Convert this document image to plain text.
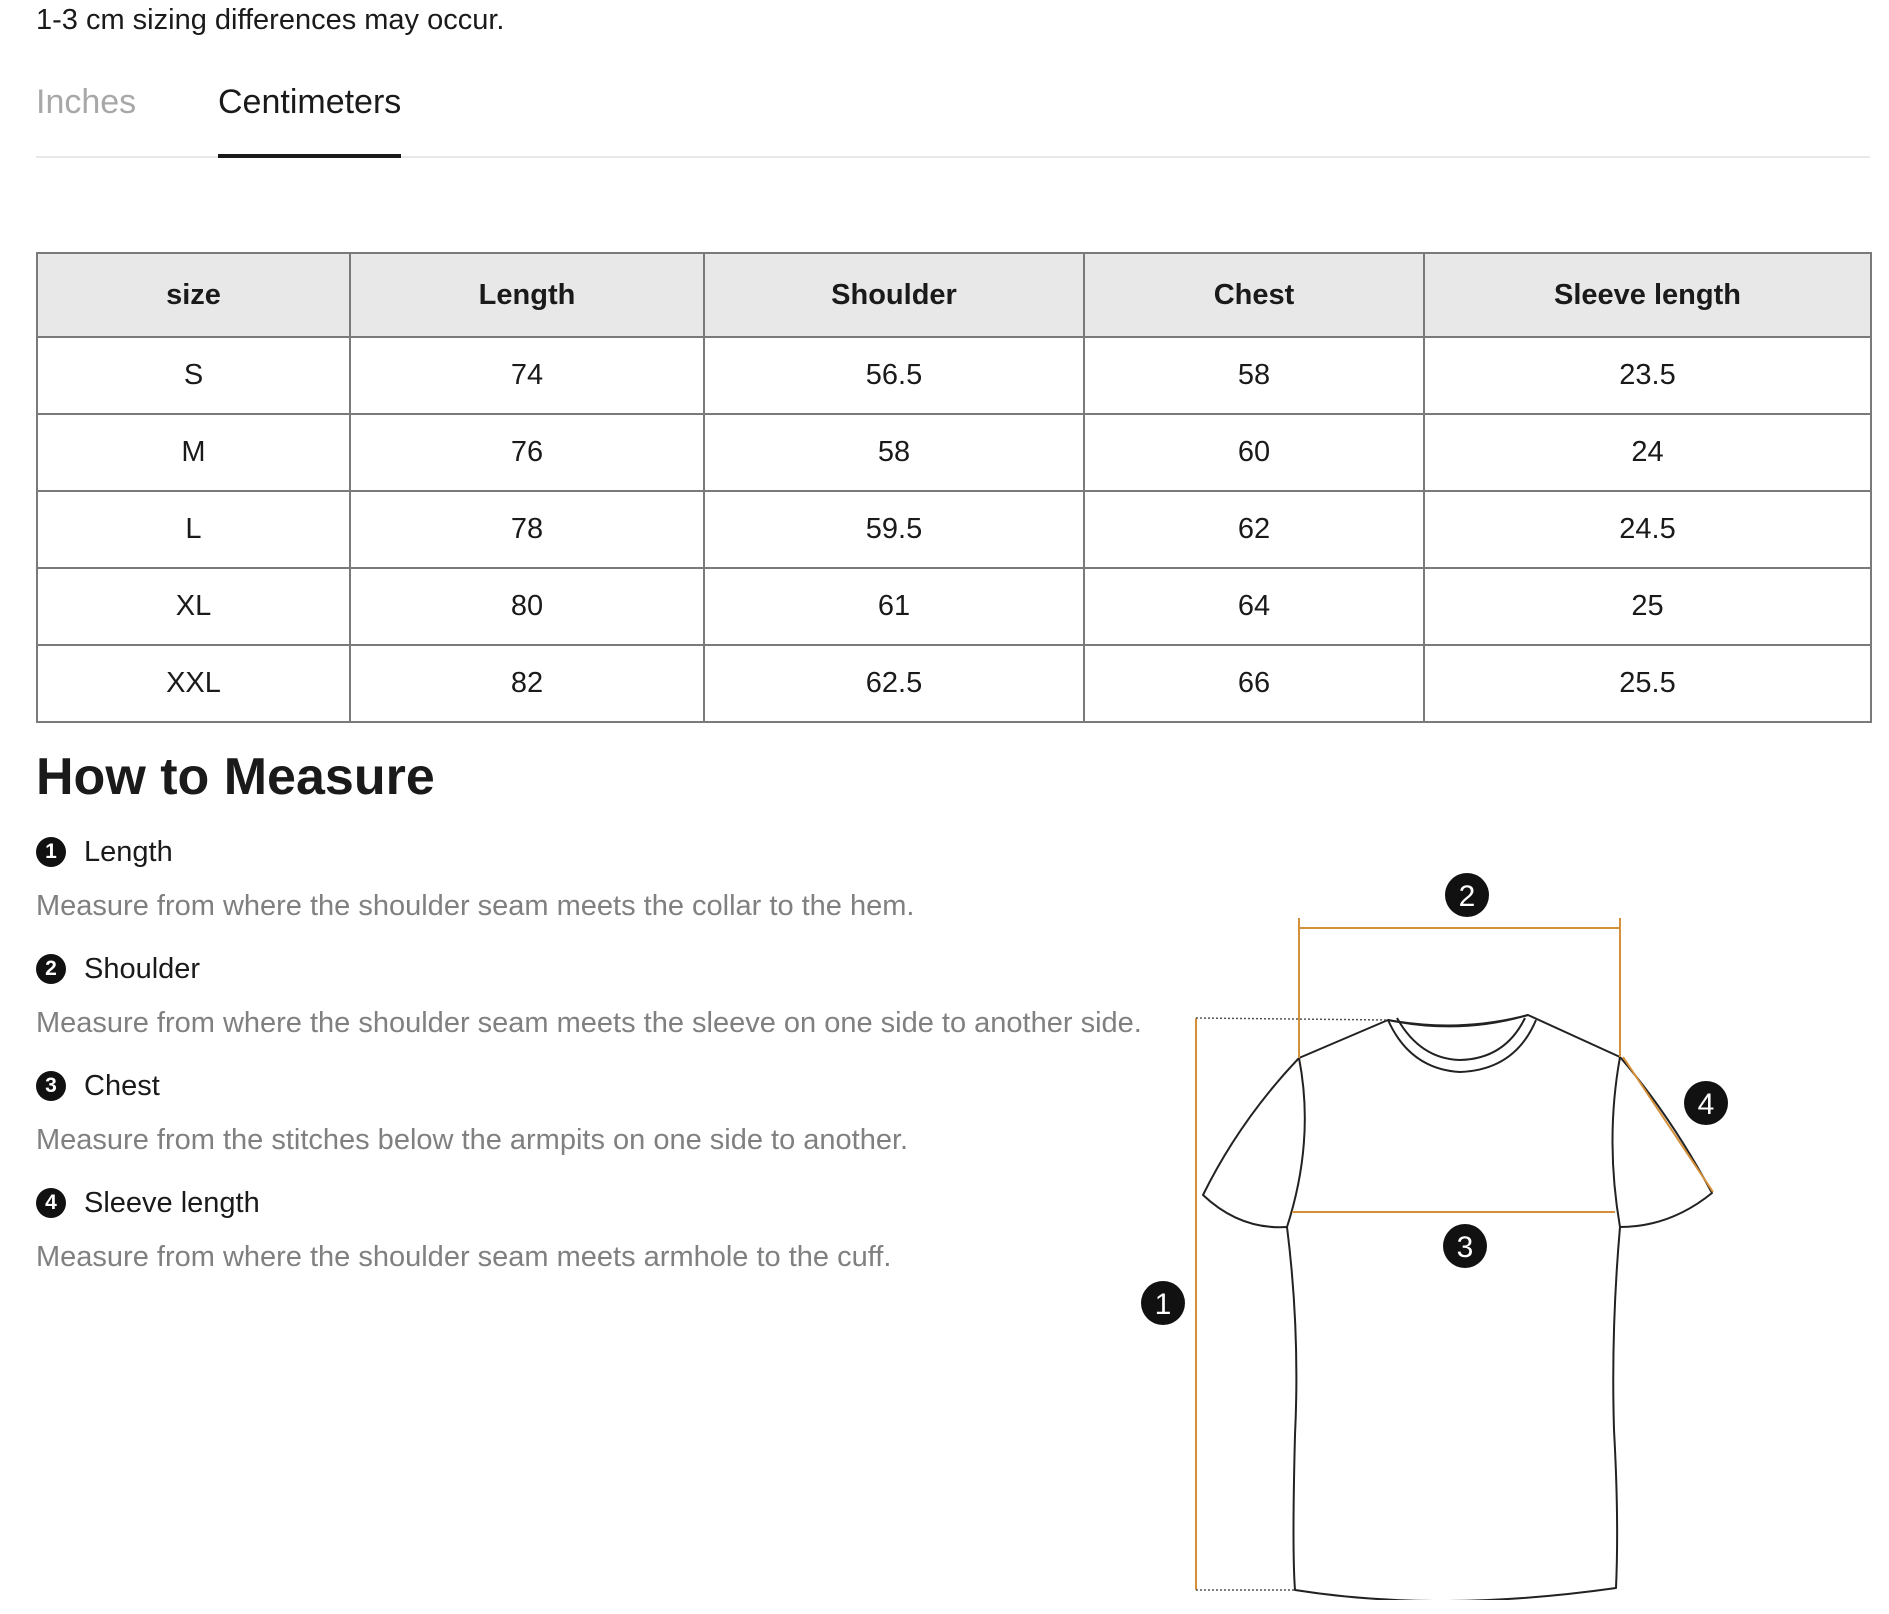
1-3 cm sizing differences may occur.
Inches Centimeters
size	Length	Shoulder	Chest	Sleeve length
S	74	56.5	58	23.5
M	76	58	60	24
L	78	59.5	62	24.5
XL	80	61	64	25
XXL	82	62.5	66	25.5
How to Measure
1 Length
Measure from where the shoulder seam meets the collar to the hem.
2 Shoulder
Measure from where the shoulder seam meets the sleeve on one side to another side.
3 Chest
Measure from the stitches below the armpits on one side to another.
4 Sleeve length
Measure from where the shoulder seam meets armhole to the cuff.
1
2
3
4
